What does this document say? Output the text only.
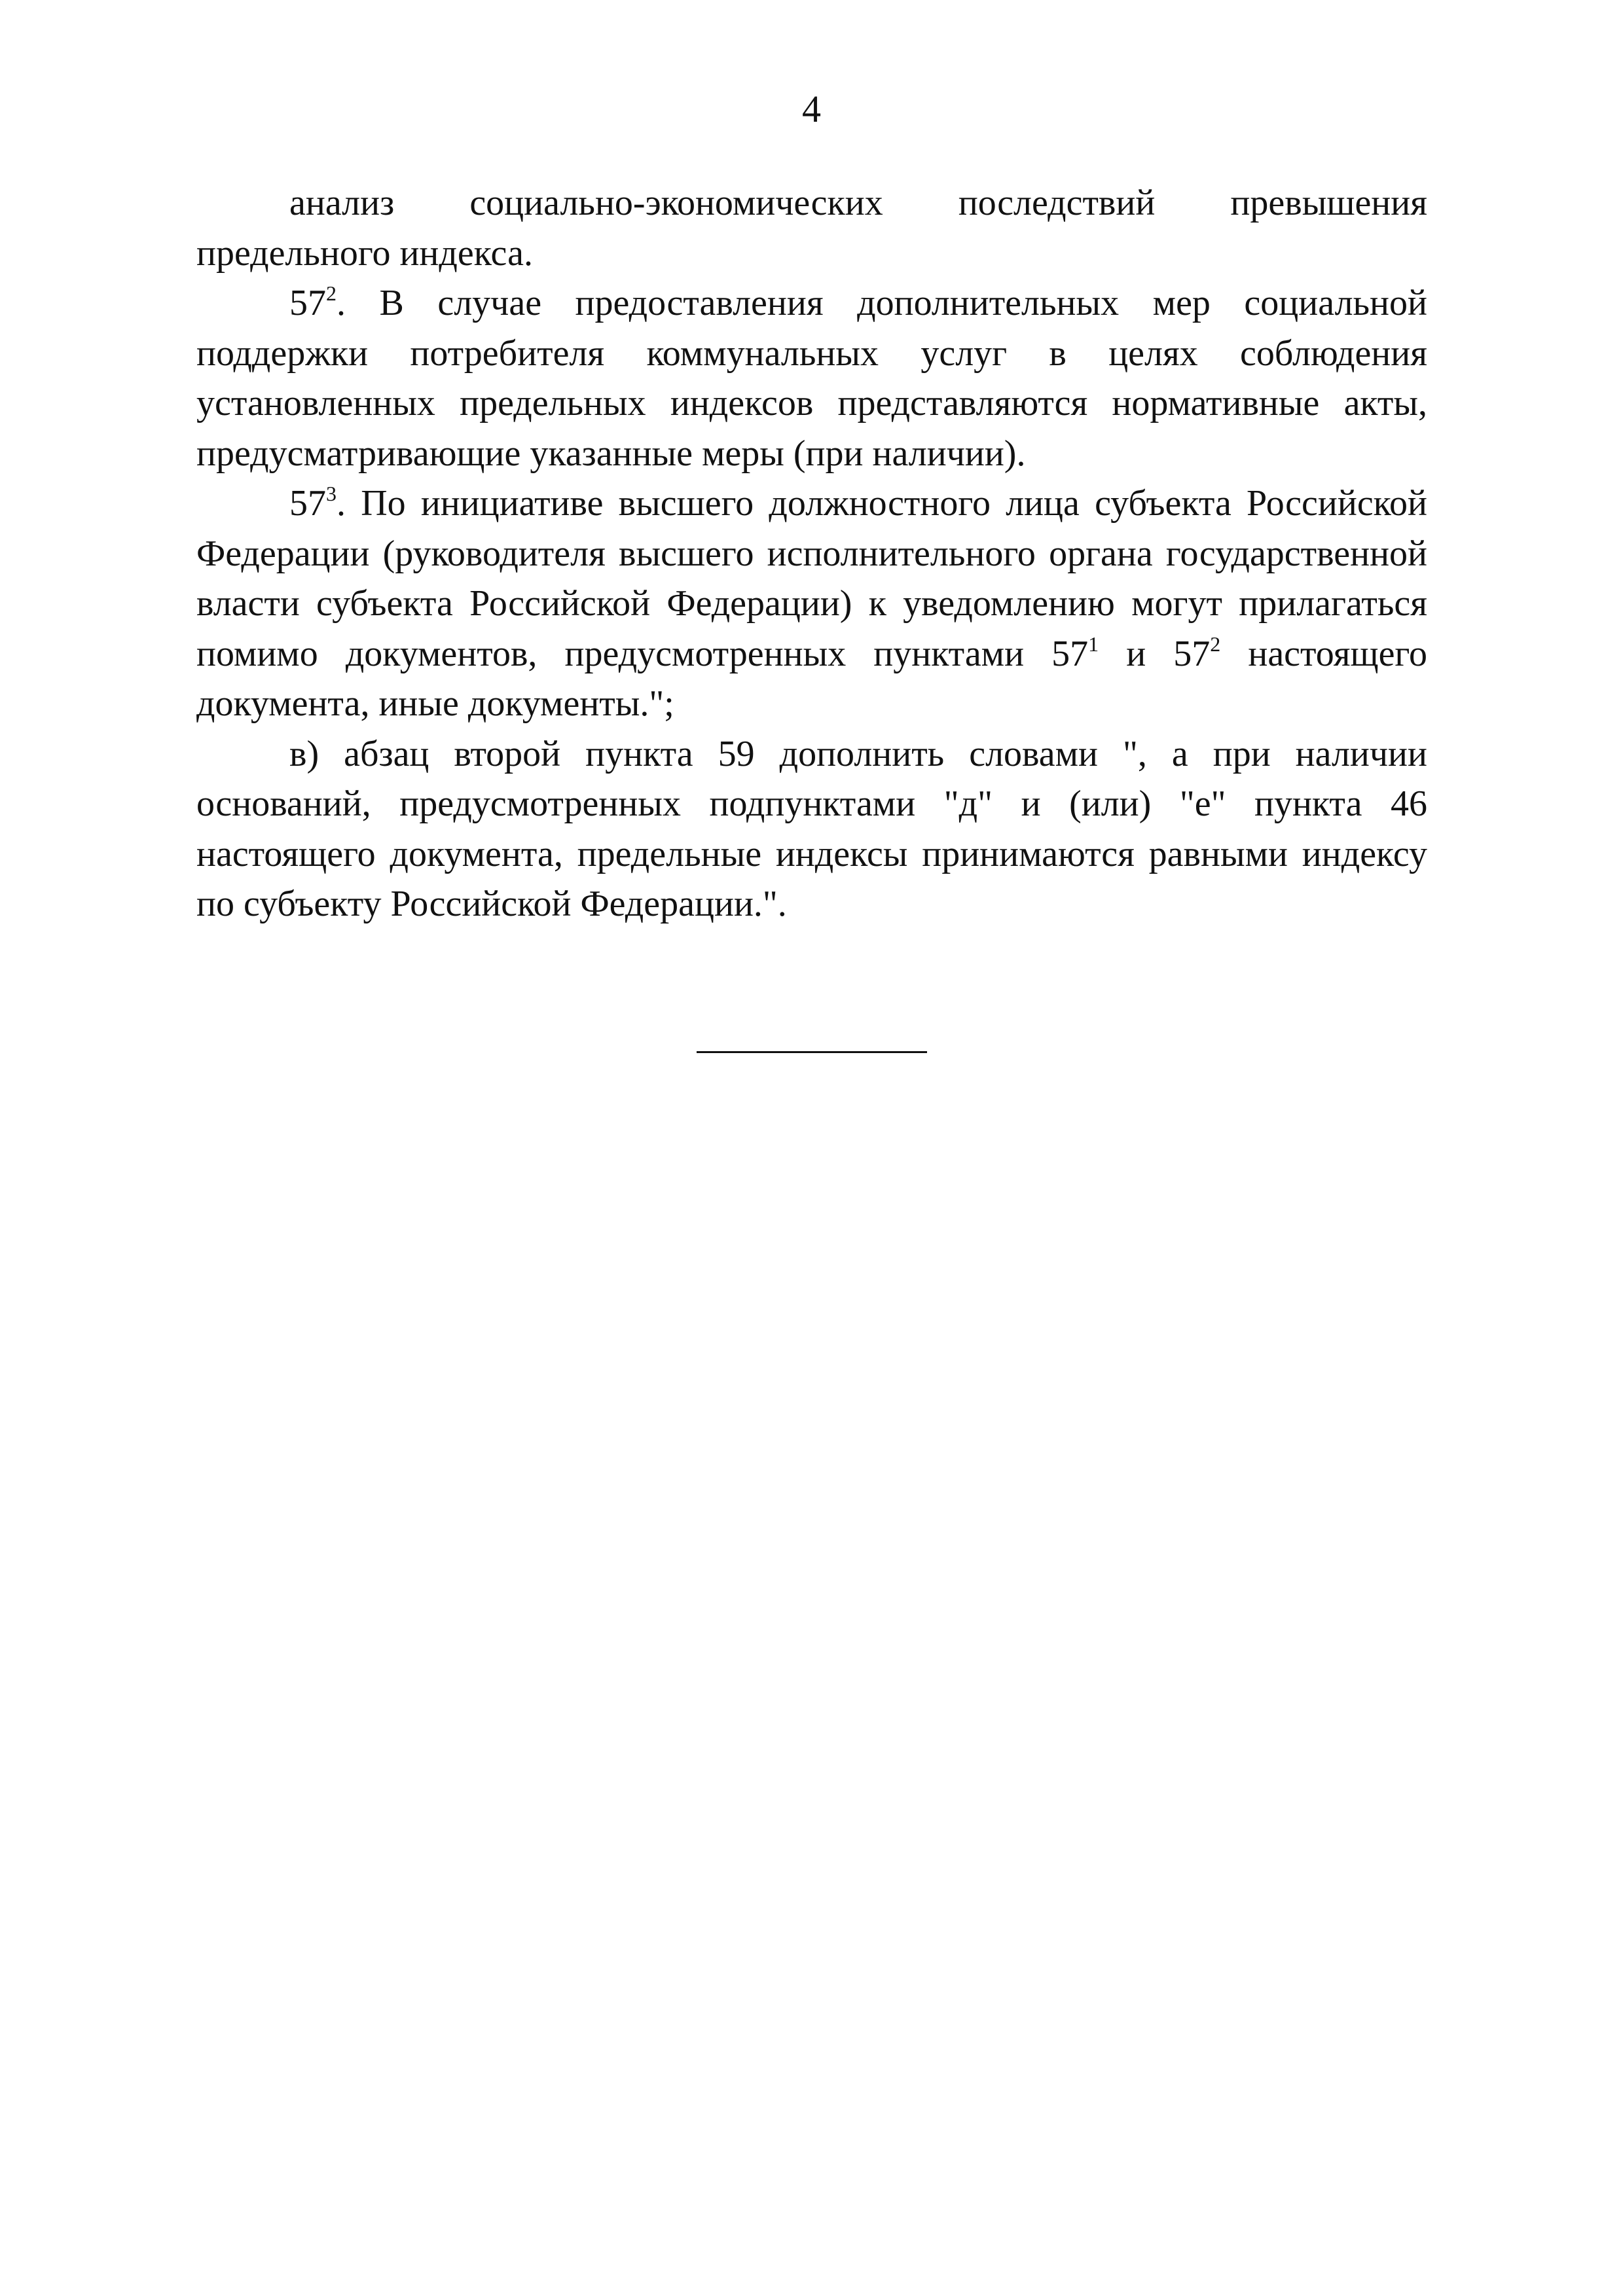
4

анализ социально-экономических последствий превышения предельного индекса.

$57^2$. В случае предоставления дополнительных мер социальной поддержки потребителя коммунальных услуг в целях соблюдения установленных предельных индексов представляются нормативные акты, предусматривающие указанные меры (при наличии).

$57^3$. По инициативе высшего должностного лица субъекта Российской Федерации (руководителя высшего исполнительного органа государственной власти субъекта Российской Федерации) к уведомлению могут прилагаться помимо документов, предусмотренных пунктами $57^1$ и $57^2$ настоящего документа, иные документы.";

в) абзац второй пункта 59 дополнить словами ", а при наличии оснований, предусмотренных подпунктами "д" и (или) "е" пункта 46 настоящего документа, предельные индексы принимаются равными индексу по субъекту Российской Федерации.".
